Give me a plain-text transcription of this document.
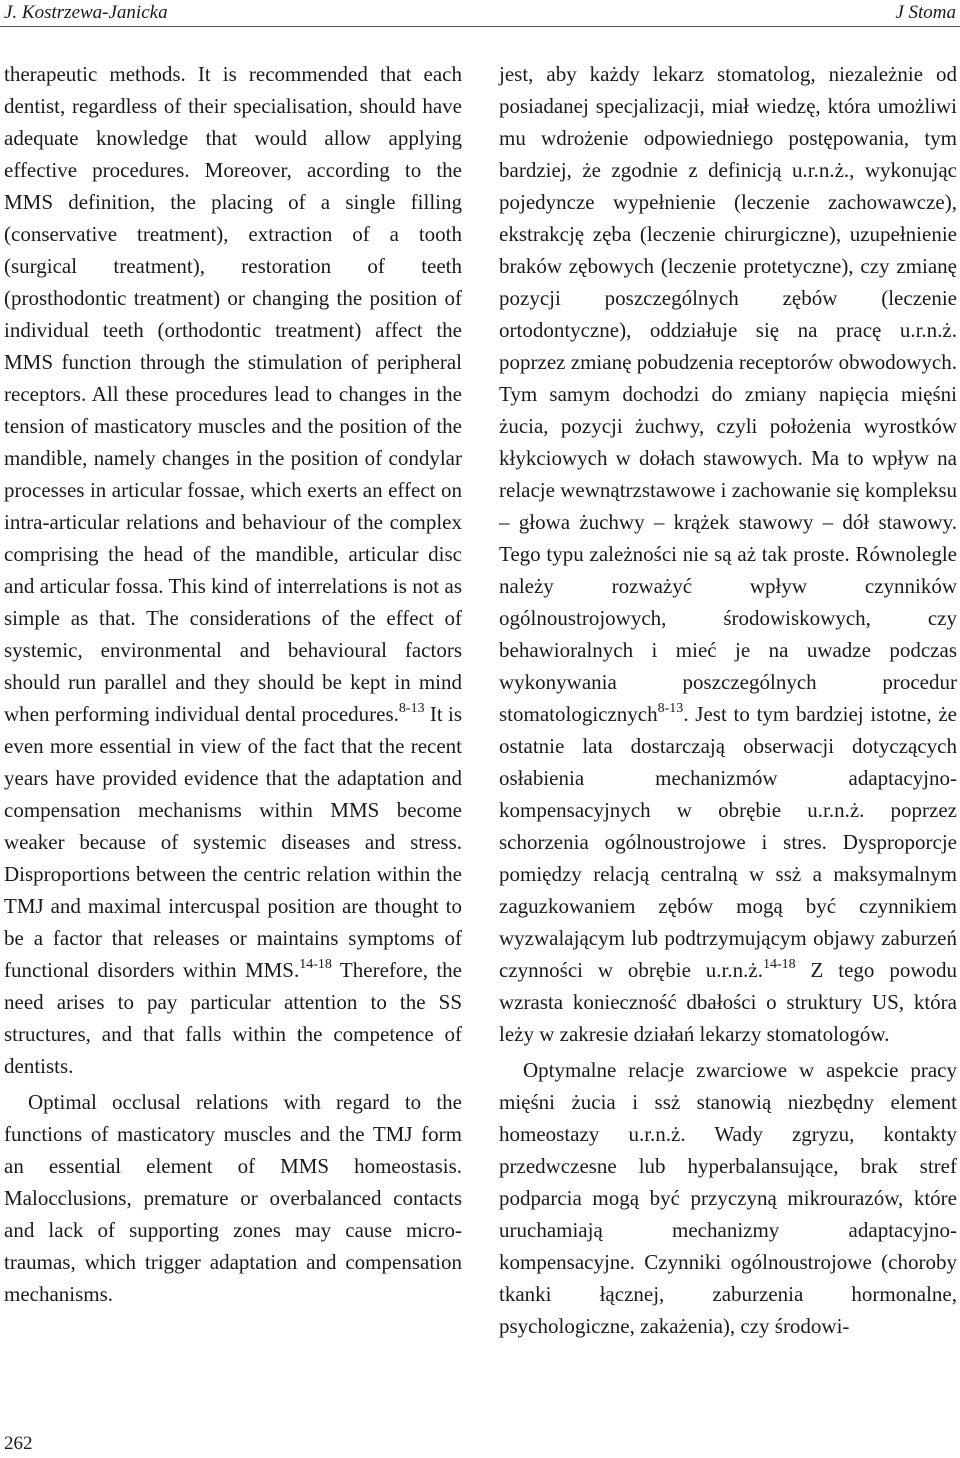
J. Kostrzewa-Janicka	J Stoma

therapeutic methods. It is recommended that each dentist, regardless of their specialisation, should have adequate knowledge that would allow applying effective procedures. Moreover, according to the MMS definition, the placing of a single filling (conservative treatment), extraction of a tooth (surgical treatment), restoration of teeth (prosthodontic treatment) or changing the position of individual teeth (orthodontic treatment) affect the MMS function through the stimulation of peripheral receptors. All these procedures lead to changes in the tension of masticatory muscles and the position of the mandible, namely changes in the position of condylar processes in articular fossae, which exerts an effect on intra-articular relations and behaviour of the complex comprising the head of the mandible, articular disc and articular fossa. This kind of interrelations is not as simple as that. The considerations of the effect of systemic, environmental and behavioural factors should run parallel and they should be kept in mind when performing individual dental procedures.$^{8-13}$ It is even more essential in view of the fact that the recent years have provided evidence that the adaptation and compensation mechanisms within MMS become weaker because of systemic diseases and stress. Disproportions between the centric relation within the TMJ and maximal intercuspal position are thought to be a factor that releases or maintains symptoms of functional disorders within MMS.$^{14-18}$ Therefore, the need arises to pay particular attention to the SS structures, and that falls within the competence of dentists.

Optimal occlusal relations with regard to the functions of masticatory muscles and the TMJ form an essential element of MMS homeostasis. Malocclusions, premature or overbalanced contacts and lack of supporting zones may cause micro-traumas, which trigger adaptation and compensation mechanisms.

jest, aby każdy lekarz stomatolog, niezależnie od posiadanej specjalizacji, miał wiedzę, która umożliwi mu wdrożenie odpowiedniego postępowania, tym bardziej, że zgodnie z definicją u.r.n.ż., wykonując pojedyncze wypełnienie (leczenie zachowawcze), ekstrakcję zęba (leczenie chirurgiczne), uzupełnienie braków zębowych (leczenie protetyczne), czy zmianę pozycji poszczególnych zębów (leczenie ortodontyczne), oddziałuje się na pracę u.r.n.ż. poprzez zmianę pobudzenia receptorów obwodowych. Tym samym dochodzi do zmiany napięcia mięśni żucia, pozycji żuchwy, czyli położenia wyrostków kłykciowych w dołach stawowych. Ma to wpływ na relacje wewnątrzstawowe i zachowanie się kompleksu – głowa żuchwy – krążek stawowy – dół stawowy. Tego typu zależności nie są aż tak proste. Równolegle należy rozważyć wpływ czynników ogólnoustrojowych, środowiskowych, czy behawioralnych i mieć je na uwadze podczas wykonywania poszczególnych procedur stomatologicznych$^{8-13}$. Jest to tym bardziej istotne, że ostatnie lata dostarczają obserwacji dotyczących osłabienia mechanizmów adaptacyjno-kompensacyjnych w obrębie u.r.n.ż. poprzez schorzenia ogólnoustrojowe i stres. Dysproporcje pomiędzy relacją centralną w ssż a maksymalnym zaguzkowaniem zębów mogą być czynnikiem wyzwalającym lub podtrzymującym objawy zaburzeń czynności w obrębie u.r.n.ż.$^{14-18}$ Z tego powodu wzrasta konieczność dbałości o struktury US, która leży w zakresie działań lekarzy stomatologów.

Optymalne relacje zwarciowe w aspekcie pracy mięśni żucia i ssż stanowią niezbędny element homeostazy u.r.n.ż. Wady zgryzu, kontakty przedwczesne lub hyperbalansujące, brak stref podparcia mogą być przyczyną mikrourazów, które uruchamiają mechanizmy adaptacyjno-kompensacyjne. Czynniki ogólnoustrojowe (choroby tkanki łącznej, zaburzenia hormonalne, psychologiczne, zakażenia), czy środowi-

262
